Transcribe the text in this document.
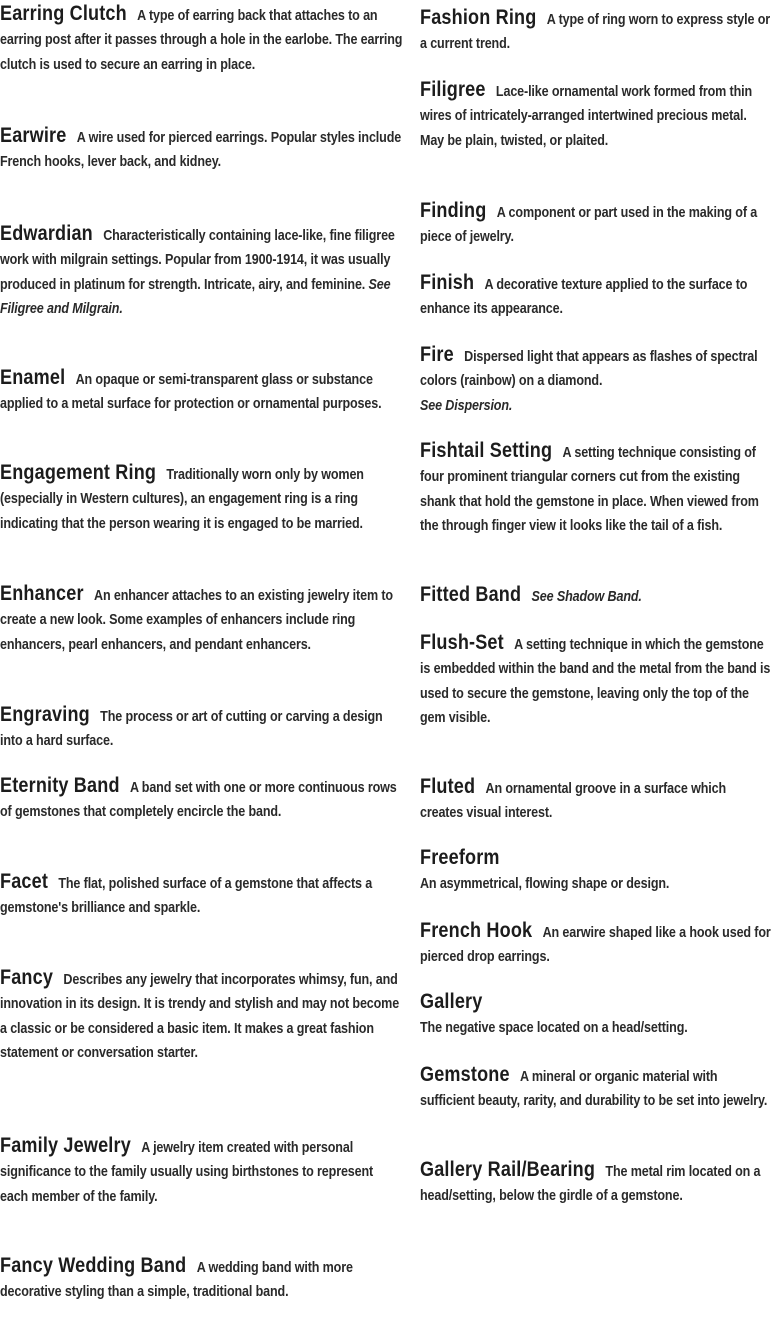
Earring Clutch A type of earring back that attaches to an earring post after it passes through a hole in the earlobe. The earring clutch is used to secure an earring in place.

Earwire A wire used for pierced earrings. Popular styles include French hooks, lever back, and kidney.

Edwardian Characteristically containing lace-like, fine filigree work with milgrain settings. Popular from 1900-1914, it was usually produced in platinum for strength. Intricate, airy, and feminine. See Filigree and Milgrain.

Enamel An opaque or semi-transparent glass or substance applied to a metal surface for protection or ornamental purposes.

Engagement Ring Traditionally worn only by women (especially in Western cultures), an engagement ring is a ring indicating that the person wearing it is engaged to be married.

Enhancer An enhancer attaches to an existing jewelry item to create a new look. Some examples of enhancers include ring enhancers, pearl enhancers, and pendant enhancers.

Engraving The process or art of cutting or carving a design into a hard surface.

Eternity Band A band set with one or more continuous rows of gemstones that completely encircle the band.

Facet The flat, polished surface of a gemstone that affects a gemstone's brilliance and sparkle.

Fancy Describes any jewelry that incorporates whimsy, fun, and innovation in its design. It is trendy and stylish and may not become a classic or be considered a basic item. It makes a great fashion statement or conversation starter.

Family Jewelry A jewelry item created with personal significance to the family usually using birthstones to represent each member of the family.

Fancy Wedding Band A wedding band with more decorative styling than a simple, traditional band.

Fashion Ring A type of ring worn to express style or a current trend.

Filigree Lace-like ornamental work formed from thin wires of intricately-arranged intertwined precious metal. May be plain, twisted, or plaited.

Finding A component or part used in the making of a piece of jewelry.

Finish A decorative texture applied to the surface to enhance its appearance.

Fire Dispersed light that appears as flashes of spectral colors (rainbow) on a diamond.
See Dispersion.

Fishtail Setting A setting technique consisting of four prominent triangular corners cut from the existing shank that hold the gemstone in place. When viewed from the through finger view it looks like the tail of a fish.

Fitted Band See Shadow Band.

Flush-Set A setting technique in which the gemstone is embedded within the band and the metal from the band is used to secure the gemstone, leaving only the top of the gem visible.

Fluted An ornamental groove in a surface which creates visual interest.

Freeform
An asymmetrical, flowing shape or design.

French Hook An earwire shaped like a hook used for pierced drop earrings.

Gallery
The negative space located on a head/setting.

Gemstone A mineral or organic material with sufficient beauty, rarity, and durability to be set into jewelry.

Gallery Rail/Bearing The metal rim located on a head/setting, below the girdle of a gemstone.
